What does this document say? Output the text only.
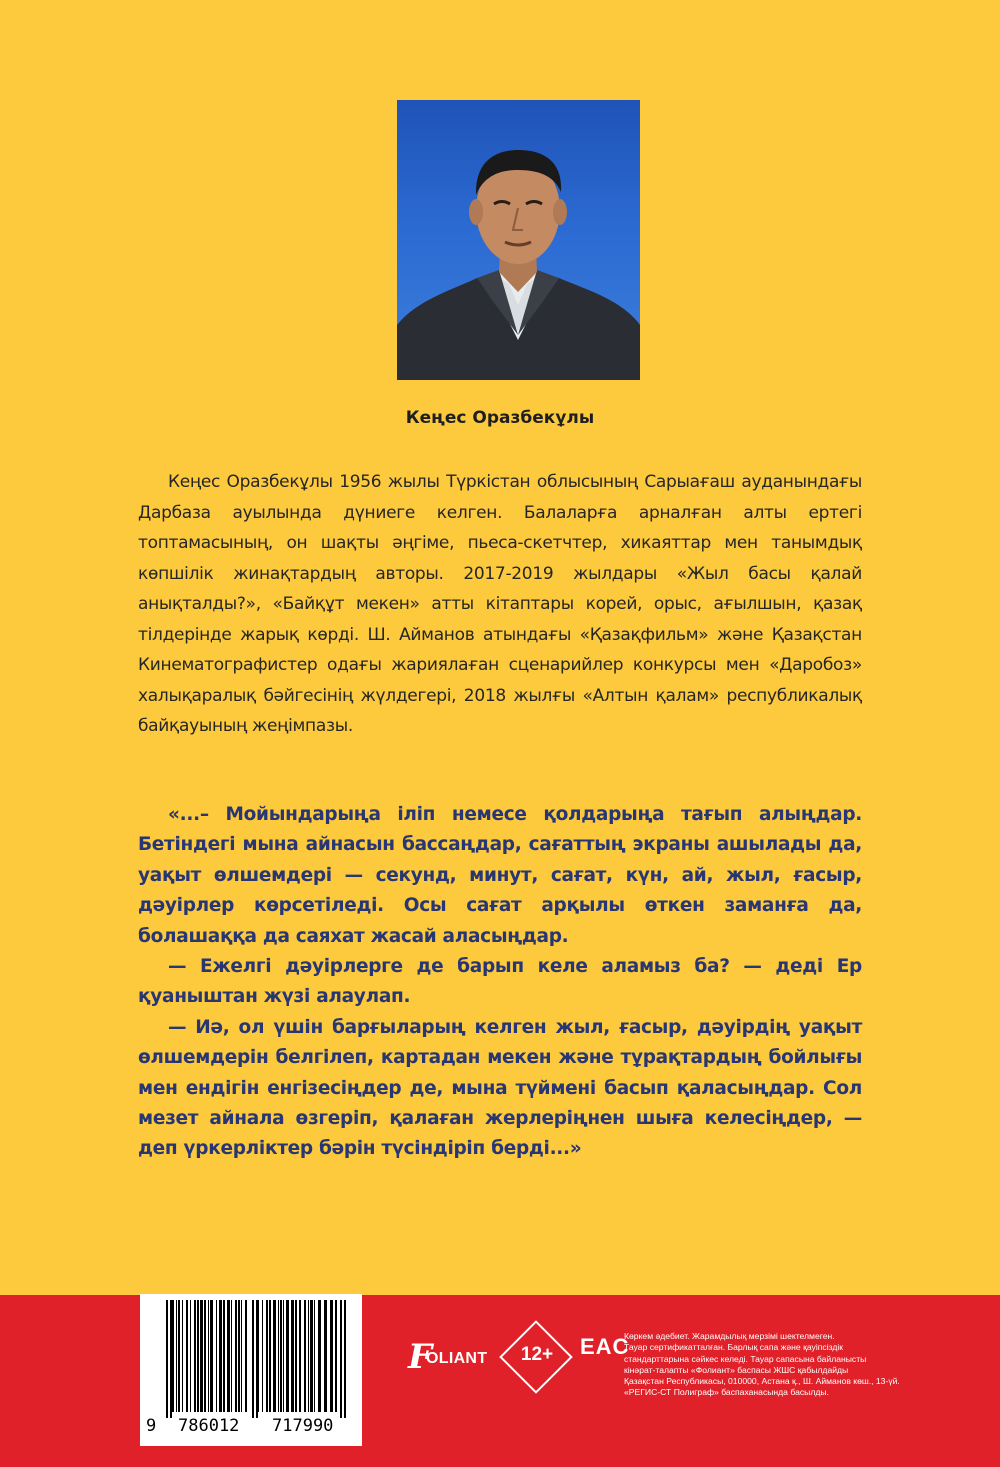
Кеңес Оразбекұлы

Кеңес Оразбекұлы 1956 жылы Түркістан облысының Сарыағаш ауданындағы Дарбаза ауылында дүниеге келген. Балаларға арналған алты ертегі топтамасының, он шақты әңгіме, пьеса-скетчтер, хикаяттар мен танымдық көпшілік жинақтардың авторы. 2017-2019 жылдары «Жыл басы қалай анықталды?», «Байқұт мекен» атты кітаптары корей, орыс, ағылшын, қазақ тілдерінде жарық көрді. Ш. Айманов атындағы «Қазақфильм» және Қазақстан Кинематографистер одағы жариялаған сценарийлер конкурсы мен «Даробоз» халықаралық бәйгесінің жүлдегері, 2018 жылғы «Алтын қалам» республикалық байқауының жеңімпазы.

«...– Мойындарыңа іліп немесе қолдарыңа тағып алыңдар. Бетіндегі мына айнасын бассаңдар, сағаттың экраны ашылады да, уақыт өлшемдері — секунд, минут, сағат, күн, ай, жыл, ғасыр, дәуірлер көрсетіледі. Осы сағат арқылы өткен заманға да, болашаққа да саяхат жасай аласыңдар.

— Ежелгі дәуірлерге де барып келе аламыз ба? — деді Ер қуаныштан жүзі алаулап.

— Иә, ол үшін барғыларың келген жыл, ғасыр, дәуірдің уақыт өлшемдерін белгілеп, картадан мекен және тұрақтардың бойлығы мен ендігін енгізесіңдер де, мына түймені басып қаласыңдар. Сол мезет айнала өзгеріп, қалаған жерлеріңнен шыға келесіңдер, — деп үркерліктер бәрін түсіндіріп берді...»

9 786012 717990
F
OLIANT	12+	EAC
Көркем әдебиет. Жарамдылық мерзімі шектелмеген.
Тауар сертификатталған. Барлық сапа және қауіпсіздік
стандарттарына сәйкес келеді. Тауар сапасына байланысты
кінәрат-талапты «Фолиант» баспасы ЖШС қабылдайды
Қазақстан Республикасы, 010000, Астана қ., Ш. Айманов көш., 13-үй.
«РЕГИС-СТ Полиграф» баспаханасында басылды.
